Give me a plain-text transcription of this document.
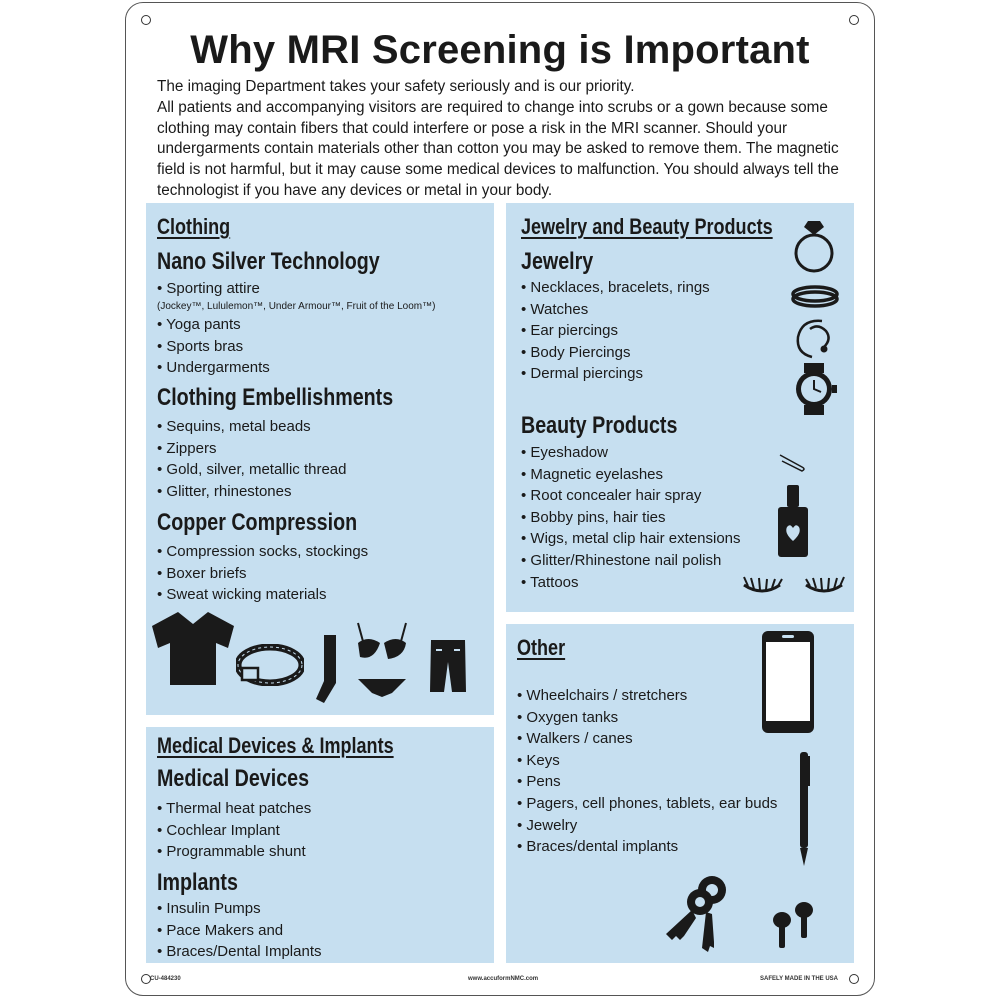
Why MRI Screening is Important

The imaging Department takes your safety seriously and is our priority.

All patients and accompanying visitors are required to change into scrubs or a gown because some clothing may contain fibers that could interfere or pose a risk in the MRI scanner. Should your undergarments contain materials other than cotton you may be asked to remove them. The magnetic field is not harmful, but it may cause some medical devices to malfunction. You should always tell the technologist if you have any devices or metal in your body.

Clothing
Nano Silver Technology
• Sporting attire

(Jockey™, Lululemon™, Under Armour™, Fruit of the Loom™)

• Yoga pants
• Sports bras
• Undergarments
Clothing Embellishments
• Sequins, metal beads
• Zippers
• Gold, silver, metallic thread
• Glitter, rhinestones
Copper Compression
• Compression socks, stockings
• Boxer briefs
• Sweat wicking materials
Medical Devices & Implants
Medical Devices
• Thermal heat patches
• Cochlear Implant
• Programmable shunt
Implants
• Insulin Pumps
• Pace Makers and
• Braces/Dental Implants
Jewelry and Beauty Products
Jewelry
• Necklaces, bracelets, rings
• Watches
• Ear piercings
• Body Piercings
• Dermal piercings
Beauty Products
• Eyeshadow
• Magnetic eyelashes
• Root concealer hair spray
• Bobby pins, hair ties
• Wigs, metal clip hair extensions
• Glitter/Rhinestone nail polish
• Tattoos
Other
• Wheelchairs / stretchers
• Oxygen tanks
• Walkers / canes
• Keys
• Pens
• Pagers, cell phones, tablets, ear buds
• Jewelry
• Braces/dental implants

CU-484230	www.accuformNMC.com	SAFELY MADE IN THE USA
